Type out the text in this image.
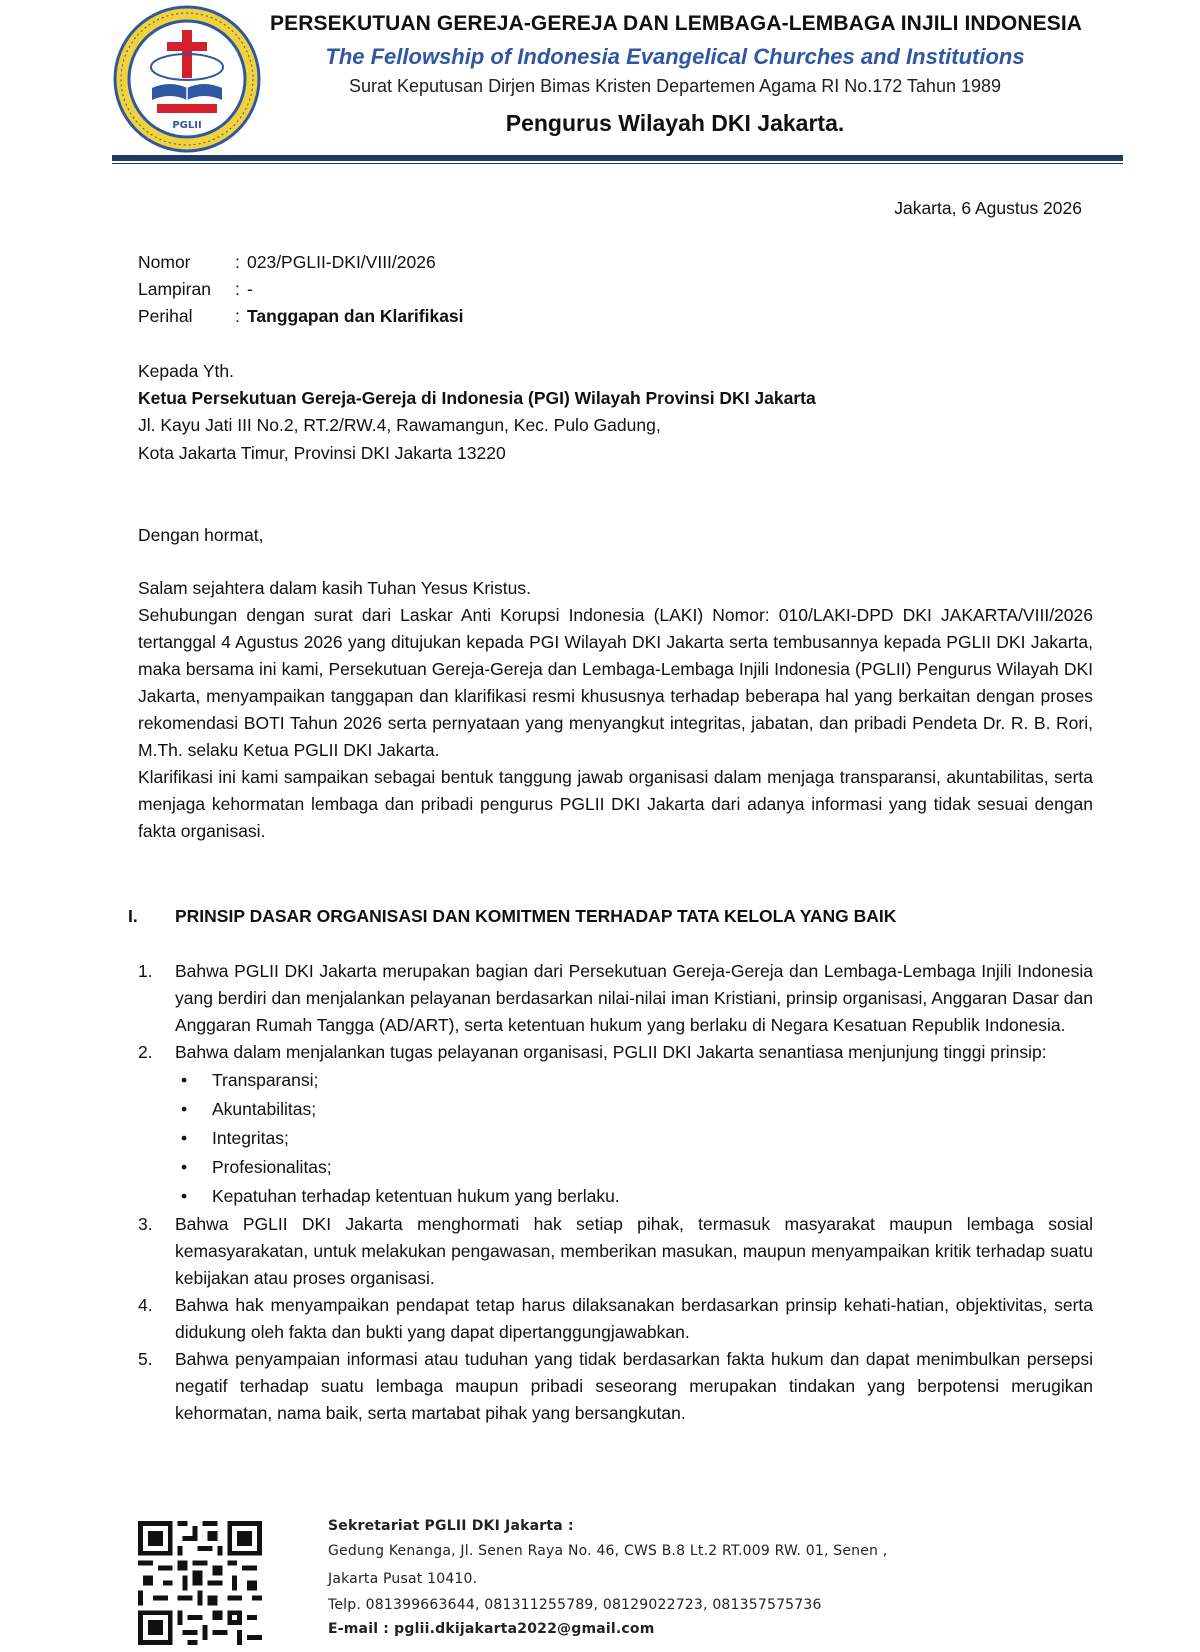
PGLII
PERSEKUTUAN GEREJA-GEREJA DAN LEMBAGA-LEMBAGA INJILI INDONESIA
The Fellowship of Indonesia Evangelical Churches and Institutions
Surat Keputusan Dirjen Bimas Kristen Departemen Agama RI No.172 Tahun 1989
Pengurus Wilayah DKI Jakarta.
Jakarta, 6 Agustus 2026
Nomor	: 023/PGLII-DKI/VIII/2026
Lampiran	: -
Perihal	: Tanggapan dan Klarifikasi
Kepada Yth.
Ketua Persekutuan Gereja-Gereja di Indonesia (PGI) Wilayah Provinsi DKI Jakarta
Jl. Kayu Jati III No.2, RT.2/RW.4, Rawamangun, Kec. Pulo Gadung,
Kota Jakarta Timur, Provinsi DKI Jakarta 13220
Dengan hormat,

Salam sejahtera dalam kasih Tuhan Yesus Kristus.

Sehubungan dengan surat dari Laskar Anti Korupsi Indonesia (LAKI) Nomor: 010/LAKI-DPD DKI JAKARTA/VIII/2026 tertanggal 4 Agustus 2026 yang ditujukan kepada PGI Wilayah DKI Jakarta serta tembusannya kepada PGLII DKI Jakarta, maka bersama ini kami, Persekutuan Gereja-Gereja dan Lembaga-Lembaga Injili Indonesia (PGLII) Pengurus Wilayah DKI Jakarta, menyampaikan tanggapan dan klarifikasi resmi khususnya terhadap beberapa hal yang berkaitan dengan proses rekomendasi BOTI Tahun 2026 serta pernyataan yang menyangkut integritas, jabatan, dan pribadi Pendeta Dr. R. B. Rori, M.Th. selaku Ketua PGLII DKI Jakarta.

Klarifikasi ini kami sampaikan sebagai bentuk tanggung jawab organisasi dalam menjaga transparansi, akuntabilitas, serta menjaga kehormatan lembaga dan pribadi pengurus PGLII DKI Jakarta dari adanya informasi yang tidak sesuai dengan fakta organisasi.

I. PRINSIP DASAR ORGANISASI DAN KOMITMEN TERHADAP TATA KELOLA YANG BAIK
1. Bahwa PGLII DKI Jakarta merupakan bagian dari Persekutuan Gereja-Gereja dan Lembaga-Lembaga Injili Indonesia yang berdiri dan menjalankan pelayanan berdasarkan nilai-nilai iman Kristiani, prinsip organisasi, Anggaran Dasar dan Anggaran Rumah Tangga (AD/ART), serta ketentuan hukum yang berlaku di Negara Kesatuan Republik Indonesia.
2. Bahwa dalam menjalankan tugas pelayanan organisasi, PGLII DKI Jakarta senantiasa menjunjung tinggi prinsip:
• Transparansi;
• Akuntabilitas;
• Integritas;
• Profesionalitas;
• Kepatuhan terhadap ketentuan hukum yang berlaku.
3. Bahwa PGLII DKI Jakarta menghormati hak setiap pihak, termasuk masyarakat maupun lembaga sosial kemasyarakatan, untuk melakukan pengawasan, memberikan masukan, maupun menyampaikan kritik terhadap suatu kebijakan atau proses organisasi.
4. Bahwa hak menyampaikan pendapat tetap harus dilaksanakan berdasarkan prinsip kehati-hatian, objektivitas, serta didukung oleh fakta dan bukti yang dapat dipertanggungjawabkan.
5. Bahwa penyampaian informasi atau tuduhan yang tidak berdasarkan fakta hukum dan dapat menimbulkan persepsi negatif terhadap suatu lembaga maupun pribadi seseorang merupakan tindakan yang berpotensi merugikan kehormatan, nama baik, serta martabat pihak yang bersangkutan.
Sekretariat PGLII DKI Jakarta :
Gedung Kenanga, Jl. Senen Raya No. 46, CWS B.8 Lt.2 RT.009 RW. 01, Senen ,
Jakarta Pusat 10410.
Telp. 081399663644, 081311255789, 08129022723, 081357575736
E-mail : pglii.dkijakarta2022@gmail.com
